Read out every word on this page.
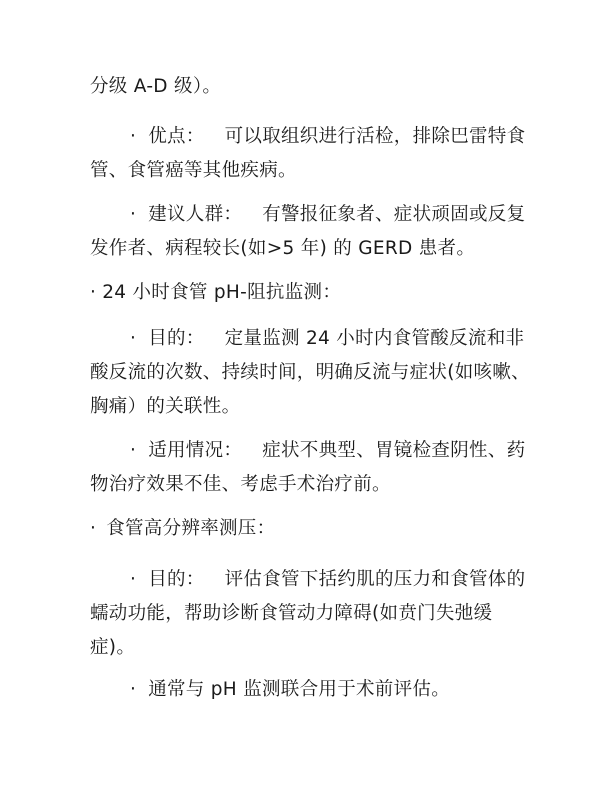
分级 A-D 级）。

· 优点： 可以取组织进行活检，排除巴雷特食管、食管癌等其他疾病。

· 建议人群： 有警报征象者、症状顽固或反复发作者、病程较长(如>5 年) 的 GERD 患者。

· 24 小时食管 pH-阻抗监测：

· 目的： 定量监测 24 小时内食管酸反流和非酸反流的次数、持续时间，明确反流与症状(如咳嗽、胸痛）的关联性。

· 适用情况： 症状不典型、胃镜检查阴性、药物治疗效果不佳、考虑手术治疗前。

· 食管高分辨率测压：

· 目的： 评估食管下括约肌的压力和食管体的蠕动功能，帮助诊断食管动力障碍(如贲门失弛缓症)。

· 通常与 pH 监测联合用于术前评估。
